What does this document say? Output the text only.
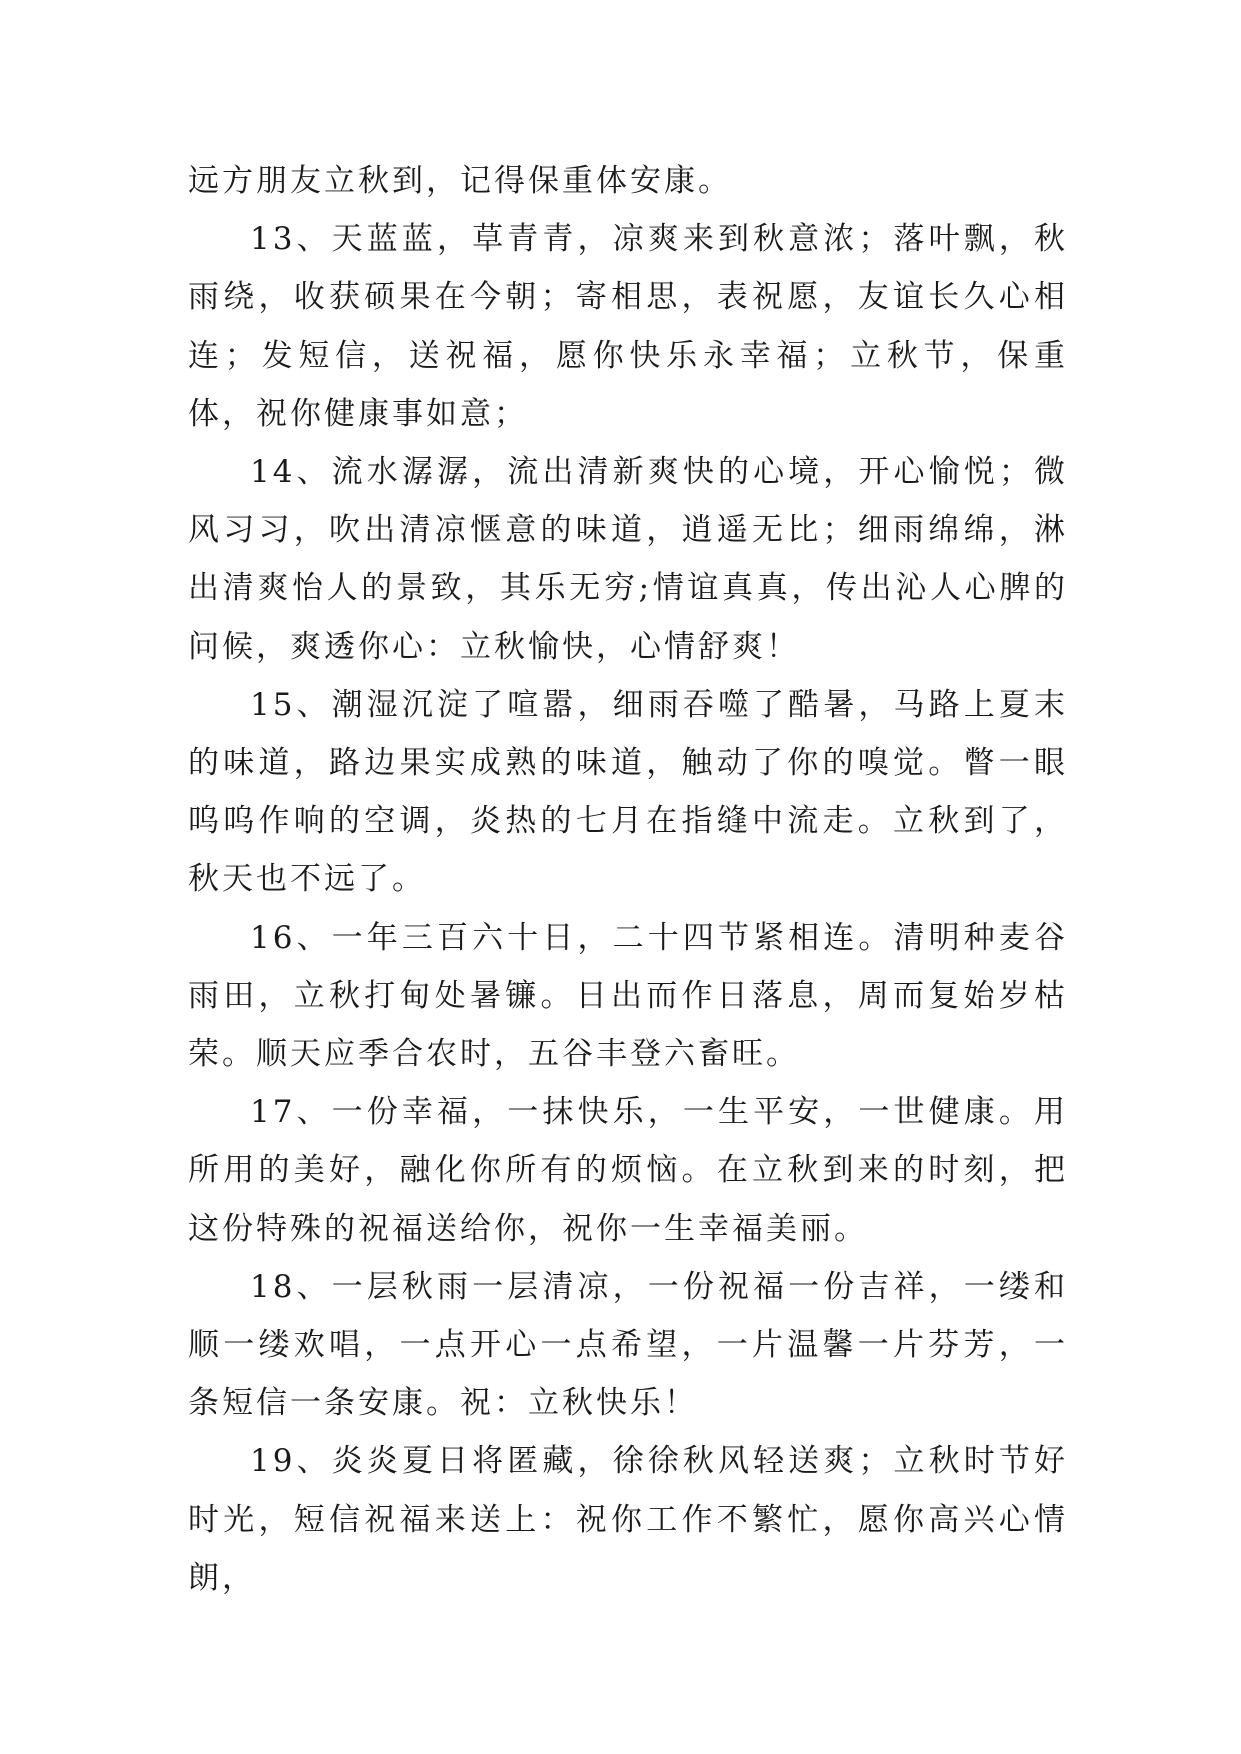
远方朋友立秋到，记得保重体安康。

13、天蓝蓝，草青青，凉爽来到秋意浓；落叶飘，秋雨绕，收获硕果在今朝；寄相思，表祝愿，友谊长久心相连；发短信，送祝福，愿你快乐永幸福；立秋节，保重体，祝你健康事如意；

14、流水潺潺，流出清新爽快的心境，开心愉悦；微风习习，吹出清凉惬意的味道，逍遥无比；细雨绵绵，淋出清爽怡人的景致，其乐无穷;情谊真真，传出沁人心脾的问候，爽透你心：立秋愉快，心情舒爽！

15、潮湿沉淀了喧嚣，细雨吞噬了酷暑，马路上夏末的味道，路边果实成熟的味道，触动了你的嗅觉。瞥一眼呜呜作响的空调，炎热的七月在指缝中流走。立秋到了，秋天也不远了。

16、一年三百六十日，二十四节紧相连。清明种麦谷雨田，立秋打甸处暑镰。日出而作日落息，周而复始岁枯荣。顺天应季合农时，五谷丰登六畜旺。

17、一份幸福，一抹快乐，一生平安，一世健康。用所用的美好，融化你所有的烦恼。在立秋到来的时刻，把这份特殊的祝福送给你，祝你一生幸福美丽。

18、一层秋雨一层清凉，一份祝福一份吉祥，一缕和顺一缕欢唱，一点开心一点希望，一片温馨一片芬芳，一条短信一条安康。祝：立秋快乐！

19、炎炎夏日将匿藏，徐徐秋风轻送爽；立秋时节好时光，短信祝福来送上：祝你工作不繁忙，愿你高兴心情朗，
